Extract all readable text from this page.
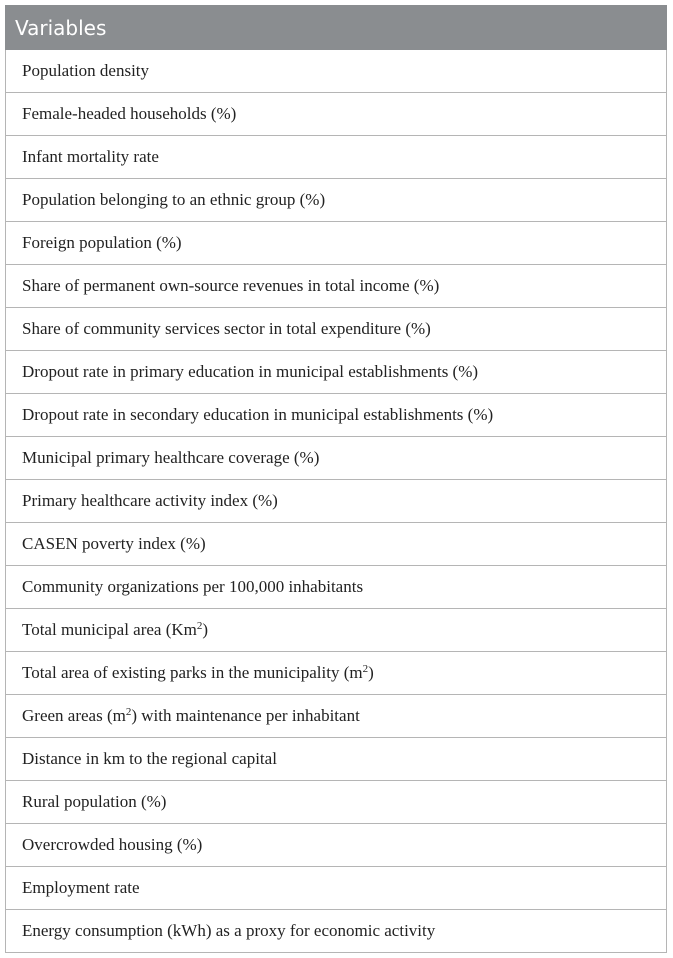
Variables
Population density
Female-headed households (%)
Infant mortality rate
Population belonging to an ethnic group (%)
Foreign population (%)
Share of permanent own-source revenues in total income (%)
Share of community services sector in total expenditure (%)
Dropout rate in primary education in municipal establishments (%)
Dropout rate in secondary education in municipal establishments (%)
Municipal primary healthcare coverage (%)
Primary healthcare activity index (%)
CASEN poverty index (%)
Community organizations per 100,000 inhabitants
Total municipal area (Km$^2$)
Total area of existing parks in the municipality $(m^2)$
Green areas $(m^2)$ with maintenance per inhabitant
Distance in km to the regional capital
Rural population (%)
Overcrowded housing (%)
Employment rate
Energy consumption (kWh) as a proxy for economic activity
